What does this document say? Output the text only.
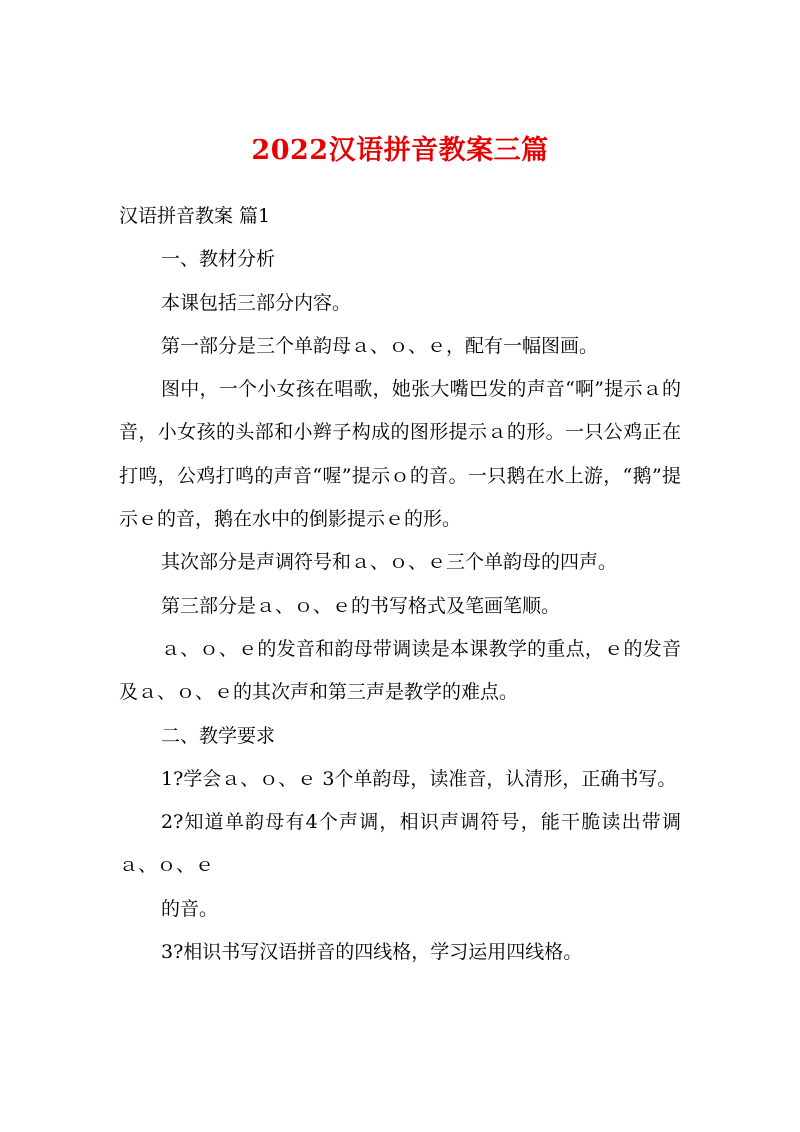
2022汉语拼音教案三篇

汉语拼音教案 篇1

一、教材分析

本课包括三部分内容。

第一部分是三个单韵母ａ、ｏ、ｅ，配有一幅图画。

图中，一个小女孩在唱歌，她张大嘴巴发的声音“啊”提示ａ的音，小女孩的头部和小辫子构成的图形提示ａ的形。一只公鸡正在打鸣，公鸡打鸣的声音“喔”提示ｏ的音。一只鹅在水上游，“鹅”提示ｅ的音，鹅在水中的倒影提示ｅ的形。

其次部分是声调符号和ａ、ｏ、ｅ三个单韵母的四声。

第三部分是ａ、ｏ、ｅ的书写格式及笔画笔顺。

ａ、ｏ、ｅ的发音和韵母带调读是本课教学的重点，ｅ的发音及ａ、ｏ、ｅ的其次声和第三声是教学的难点。

二、教学要求

1?学会ａ、ｏ、ｅ 3个单韵母，读准音，认清形，正确书写。

2?知道单韵母有4个声调，相识声调符号，能干脆读出带调ａ、ｏ、ｅ

的音。

3?相识书写汉语拼音的四线格，学习运用四线格。
